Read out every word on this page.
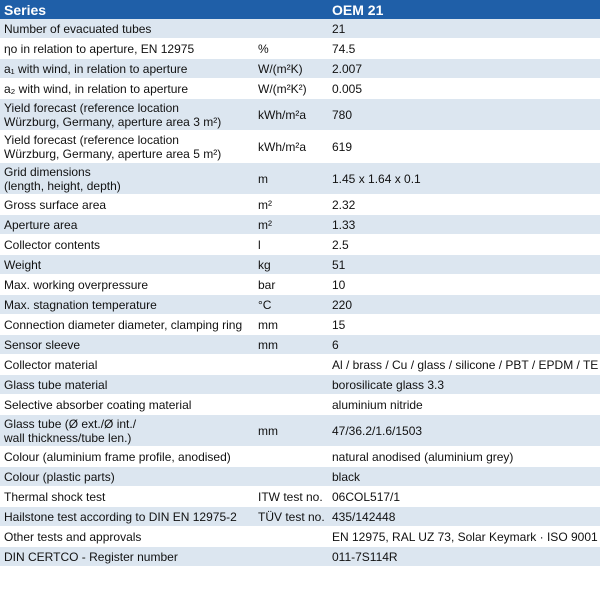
Series		OEM 21
Number of evacuated tubes		21
ηο in relation to aperture, EN 12975	%	74.5
a₁ with wind, in relation to aperture	W/(m²K)	2.007
a₂ with wind, in relation to aperture	W/(m²K²)	0.005
Yield forecast (reference location
Würzburg, Germany, aperture area 3 m²)	kWh/m²a	780
Yield forecast (reference location
Würzburg, Germany, aperture area 5 m²)	kWh/m²a	619
Grid dimensions
(length, height, depth)	m	1.45 x 1.64 x 0.1
Gross surface area	m²	2.32
Aperture area	m²	1.33
Collector contents	l	2.5
Weight	kg	51
Max. working overpressure	bar	10
Max. stagnation temperature	°C	220
Connection diameter diameter, clamping ring	mm	15
Sensor sleeve	mm	6
Collector material		Al / brass / Cu / glass / silicone / PBT / EPDM / TE
Glass tube material		borosilicate glass 3.3
Selective absorber coating material		aluminium nitride
Glass tube (Ø ext./Ø int./
wall thickness/tube len.)	mm	47/36.2/1.6/1503
Colour (aluminium frame profile, anodised)		natural anodised (aluminium grey)
Colour (plastic parts)		black
Thermal shock test	ITW test no.	06COL517/1
Hailstone test according to DIN EN 12975-2	TÜV test no.	435/142448
Other tests and approvals		EN 12975, RAL UZ 73, Solar Keymark · ISO 9001
DIN CERTCO - Register number		011-7S114R
